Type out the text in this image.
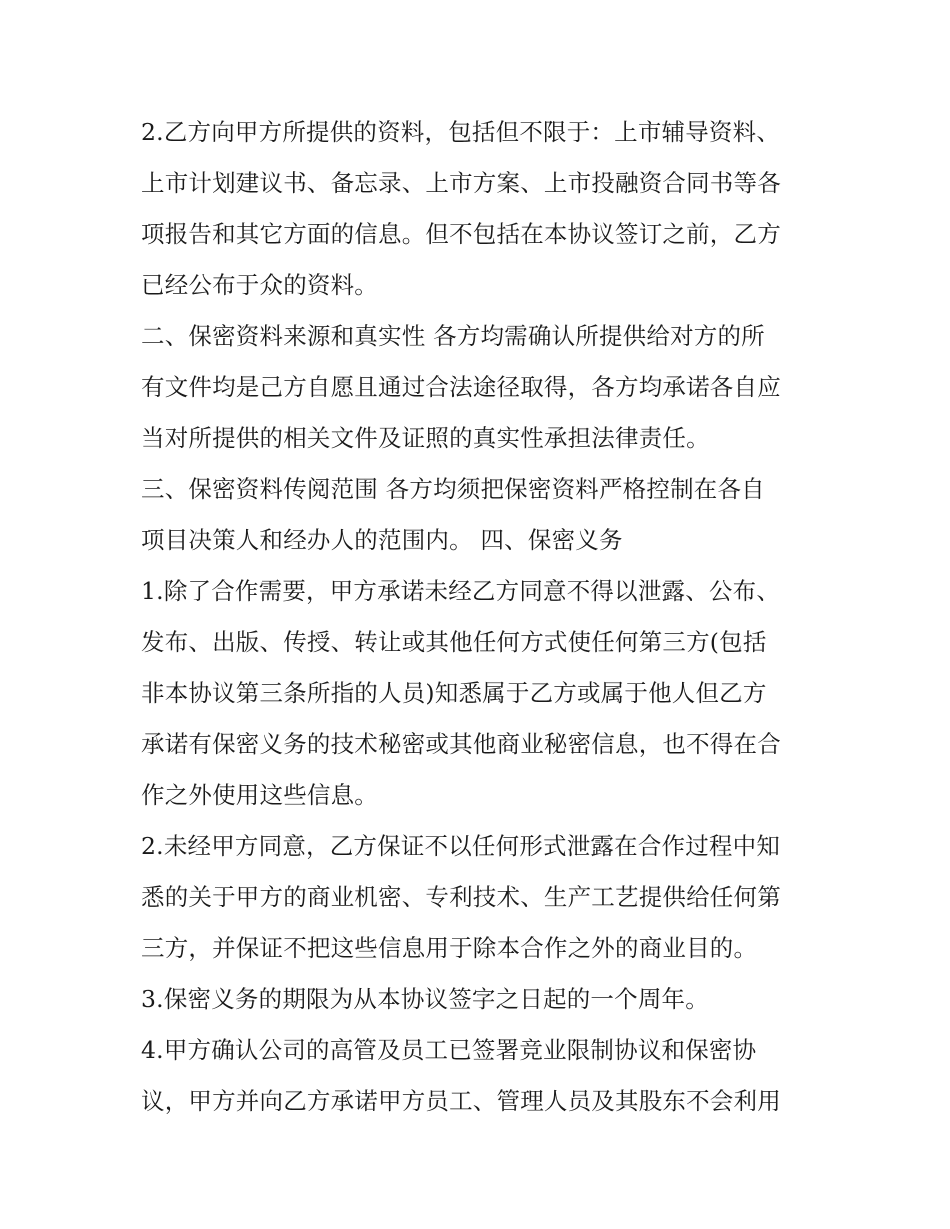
2.乙方向甲方所提供的资料，包括但不限于：上市辅导资料、
上市计划建议书、备忘录、上市方案、上市投融资合同书等各
项报告和其它方面的信息。但不包括在本协议签订之前，乙方
已经公布于众的资料。
二、保密资料来源和真实性 各方均需确认所提供给对方的所
有文件均是己方自愿且通过合法途径取得，各方均承诺各自应
当对所提供的相关文件及证照的真实性承担法律责任。
三、保密资料传阅范围 各方均须把保密资料严格控制在各自
项目决策人和经办人的范围内。 四、保密义务
1.除了合作需要，甲方承诺未经乙方同意不得以泄露、公布、
发布、出版、传授、转让或其他任何方式使任何第三方(包括
非本协议第三条所指的人员)知悉属于乙方或属于他人但乙方
承诺有保密义务的技术秘密或其他商业秘密信息，也不得在合
作之外使用这些信息。
2.未经甲方同意，乙方保证不以任何形式泄露在合作过程中知
悉的关于甲方的商业机密、专利技术、生产工艺提供给任何第
三方，并保证不把这些信息用于除本合作之外的商业目的。
3.保密义务的期限为从本协议签字之日起的一个周年。
4.甲方确认公司的高管及员工已签署竞业限制协议和保密协
议，甲方并向乙方承诺甲方员工、管理人员及其股东不会利用
